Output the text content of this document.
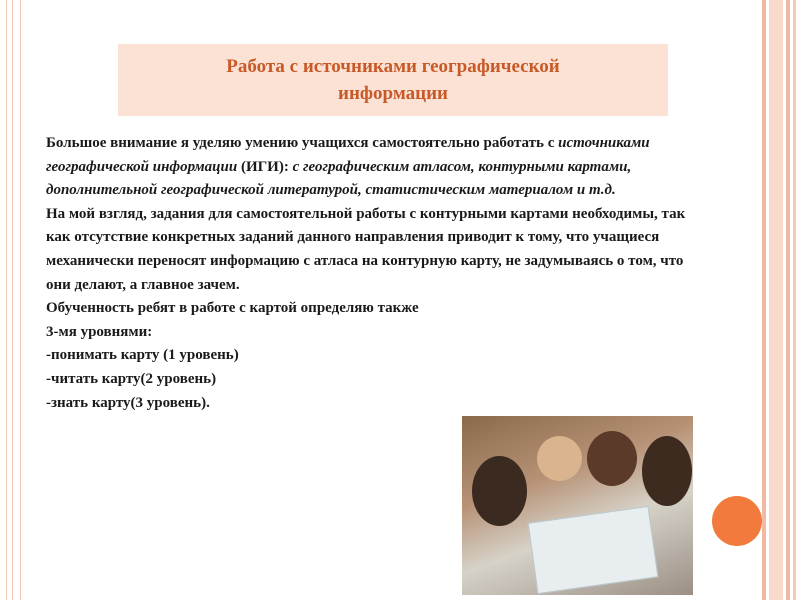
Работа с источниками географической информации

Большое внимание я уделяю умению учащихся самостоятельно работать с источниками географической информации (ИГИ): с географическим атласом, контурными картами, дополнительной географической литературой, статистическим материалом и т.д.

На мой взгляд, задания для самостоятельной работы с контурными картами необходимы, так как отсутствие конкретных заданий данного направления приводит к тому, что учащиеся механически переносят информацию с атласа на контурную карту, не задумываясь о том, что они делают, а главное зачем.

Обученность ребят в работе с картой определяю также

3-мя уровнями:

-понимать карту (1 уровень)

-читать карту(2 уровень)

-знать карту(3 уровень).
